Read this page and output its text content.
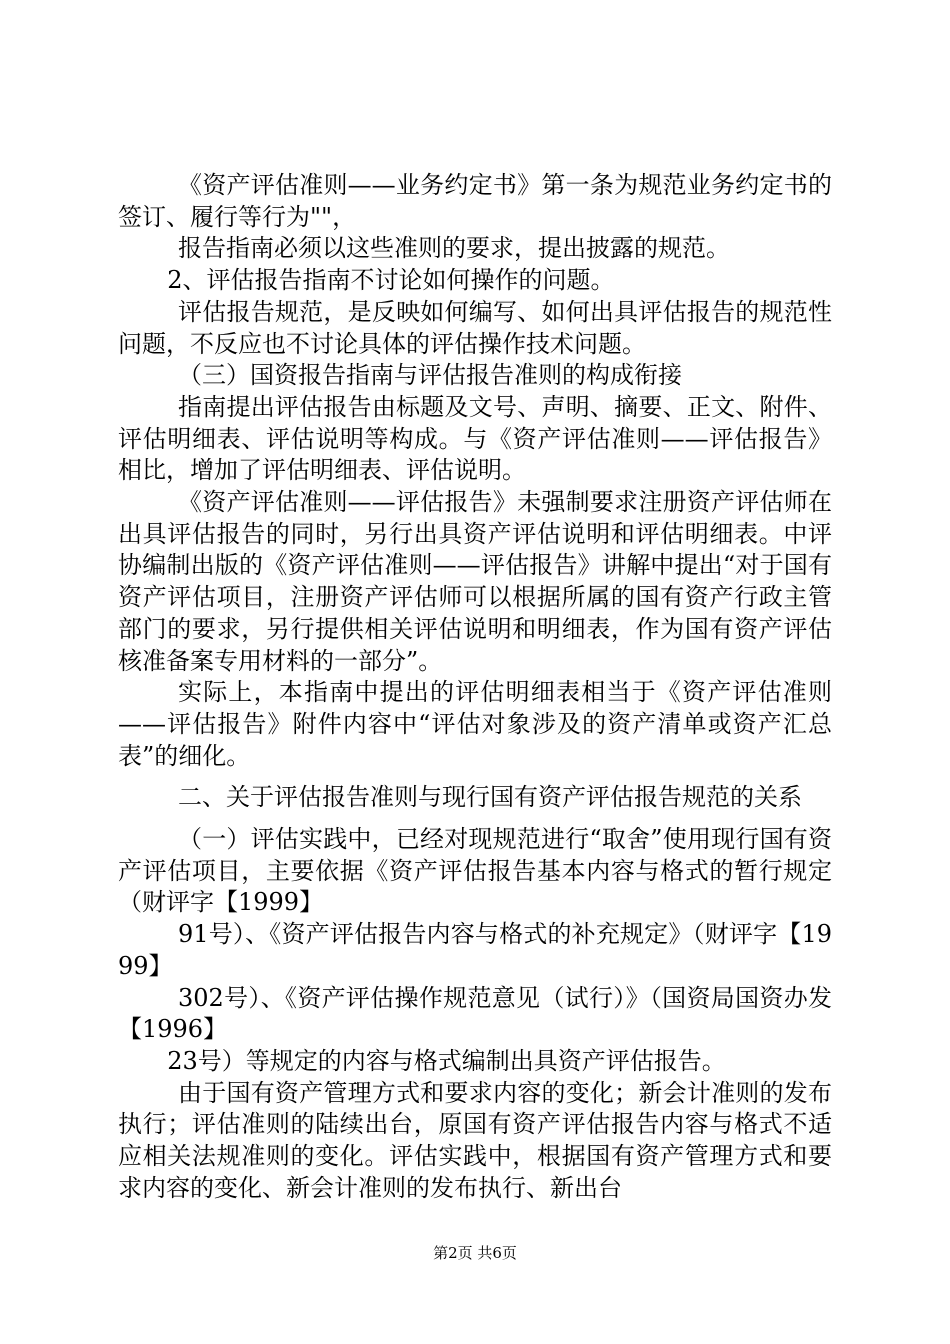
《资产评估准则——业务约定书》第一条为规范业务约定书的签订、履行等行为""，

报告指南必须以这些准则的要求，提出披露的规范。

2、评估报告指南不讨论如何操作的问题。

评估报告规范，是反映如何编写、如何出具评估报告的规范性问题，不反应也不讨论具体的评估操作技术问题。

（三）国资报告指南与评估报告准则的构成衔接

指南提出评估报告由标题及文号、声明、摘要、正文、附件、评估明细表、评估说明等构成。与《资产评估准则——评估报告》相比，增加了评估明细表、评估说明。

《资产评估准则——评估报告》未强制要求注册资产评估师在出具评估报告的同时，另行出具资产评估说明和评估明细表。中评协编制出版的《资产评估准则——评估报告》讲解中提出“对于国有资产评估项目，注册资产评估师可以根据所属的国有资产行政主管部门的要求，另行提供相关评估说明和明细表，作为国有资产评估核准备案专用材料的一部分”。

实际上，本指南中提出的评估明细表相当于《资产评估准则——评估报告》附件内容中“评估对象涉及的资产清单或资产汇总表”的细化。

二、关于评估报告准则与现行国有资产评估报告规范的关系

（一）评估实践中，已经对现规范进行“取舍”使用现行国有资产评估项目，主要依据《资产评估报告基本内容与格式的暂行规定（财评字【1999】

91号）、《资产评估报告内容与格式的补充规定》（财评字【1999】

302号）、《资产评估操作规范意见（试行）》（国资局国资办发【1996】

23号）等规定的内容与格式编制出具资产评估报告。

由于国有资产管理方式和要求内容的变化；新会计准则的发布执行；评估准则的陆续出台，原国有资产评估报告内容与格式不适应相关法规准则的变化。评估实践中，根据国有资产管理方式和要求内容的变化、新会计准则的发布执行、新出台

第2页 共6页
